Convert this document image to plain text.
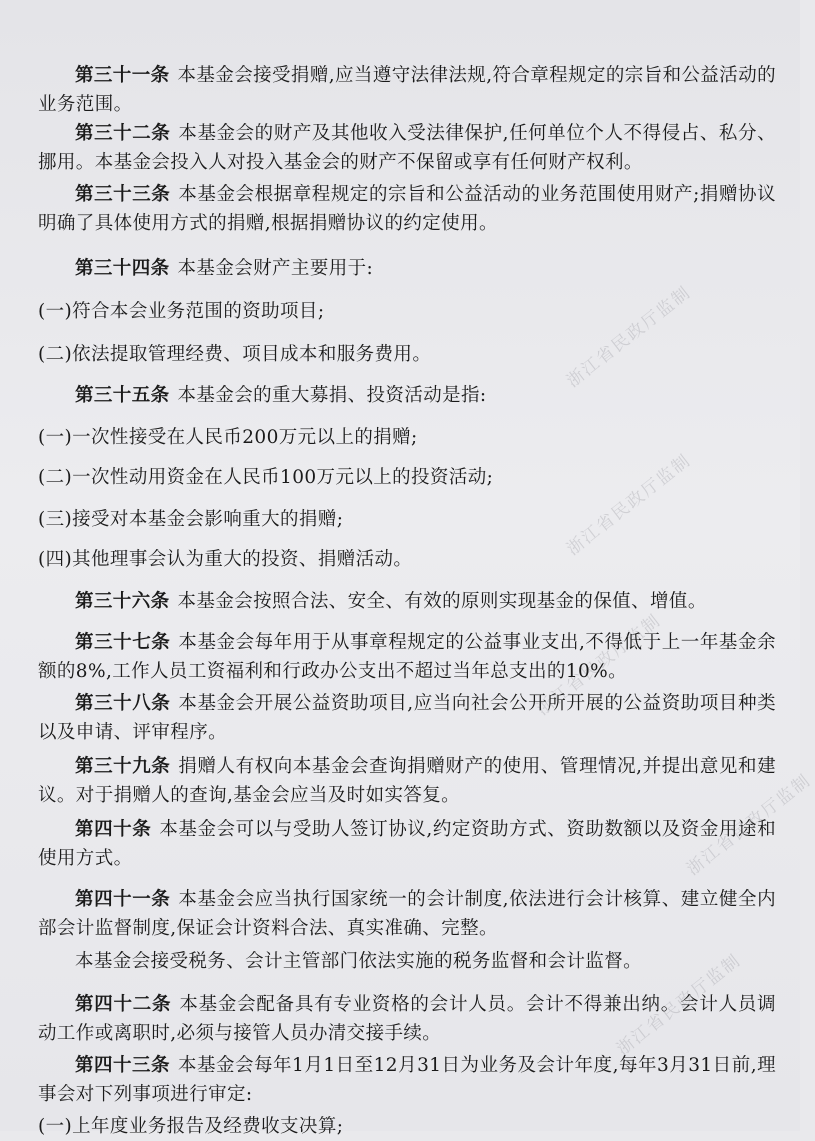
浙江省民政厅监制
浙江省民政厅监制
浙江省民政厅监制
浙江省民政厅监制
浙江省民政厅监制

第三十一条 本基金会接受捐赠,应当遵守法律法规,符合章程规定的宗旨和公益活动的业务范围。

第三十二条 本基金会的财产及其他收入受法律保护,任何单位个人不得侵占、私分、挪用。本基金会投入人对投入基金会的财产不保留或享有任何财产权利。

第三十三条 本基金会根据章程规定的宗旨和公益活动的业务范围使用财产;捐赠协议明确了具体使用方式的捐赠,根据捐赠协议的约定使用。

第三十四条 本基金会财产主要用于:

(一)符合本会业务范围的资助项目;

(二)依法提取管理经费、项目成本和服务费用。

第三十五条 本基金会的重大募捐、投资活动是指:

(一)一次性接受在人民币200万元以上的捐赠;

(二)一次性动用资金在人民币100万元以上的投资活动;

(三)接受对本基金会影响重大的捐赠;

(四)其他理事会认为重大的投资、捐赠活动。

第三十六条 本基金会按照合法、安全、有效的原则实现基金的保值、增值。

第三十七条 本基金会每年用于从事章程规定的公益事业支出,不得低于上一年基金余额的8%,工作人员工资福利和行政办公支出不超过当年总支出的10%。

第三十八条 本基金会开展公益资助项目,应当向社会公开所开展的公益资助项目种类以及申请、评审程序。

第三十九条 捐赠人有权向本基金会查询捐赠财产的使用、管理情况,并提出意见和建议。对于捐赠人的查询,基金会应当及时如实答复。

第四十条 本基金会可以与受助人签订协议,约定资助方式、资助数额以及资金用途和使用方式。

第四十一条 本基金会应当执行国家统一的会计制度,依法进行会计核算、建立健全内部会计监督制度,保证会计资料合法、真实准确、完整。

本基金会接受税务、会计主管部门依法实施的税务监督和会计监督。

第四十二条 本基金会配备具有专业资格的会计人员。会计不得兼出纳。会计人员调动工作或离职时,必须与接管人员办清交接手续。

第四十三条 本基金会每年1月1日至12月31日为业务及会计年度,每年3月31日前,理事会对下列事项进行审定:

(一)上年度业务报告及经费收支决算;
